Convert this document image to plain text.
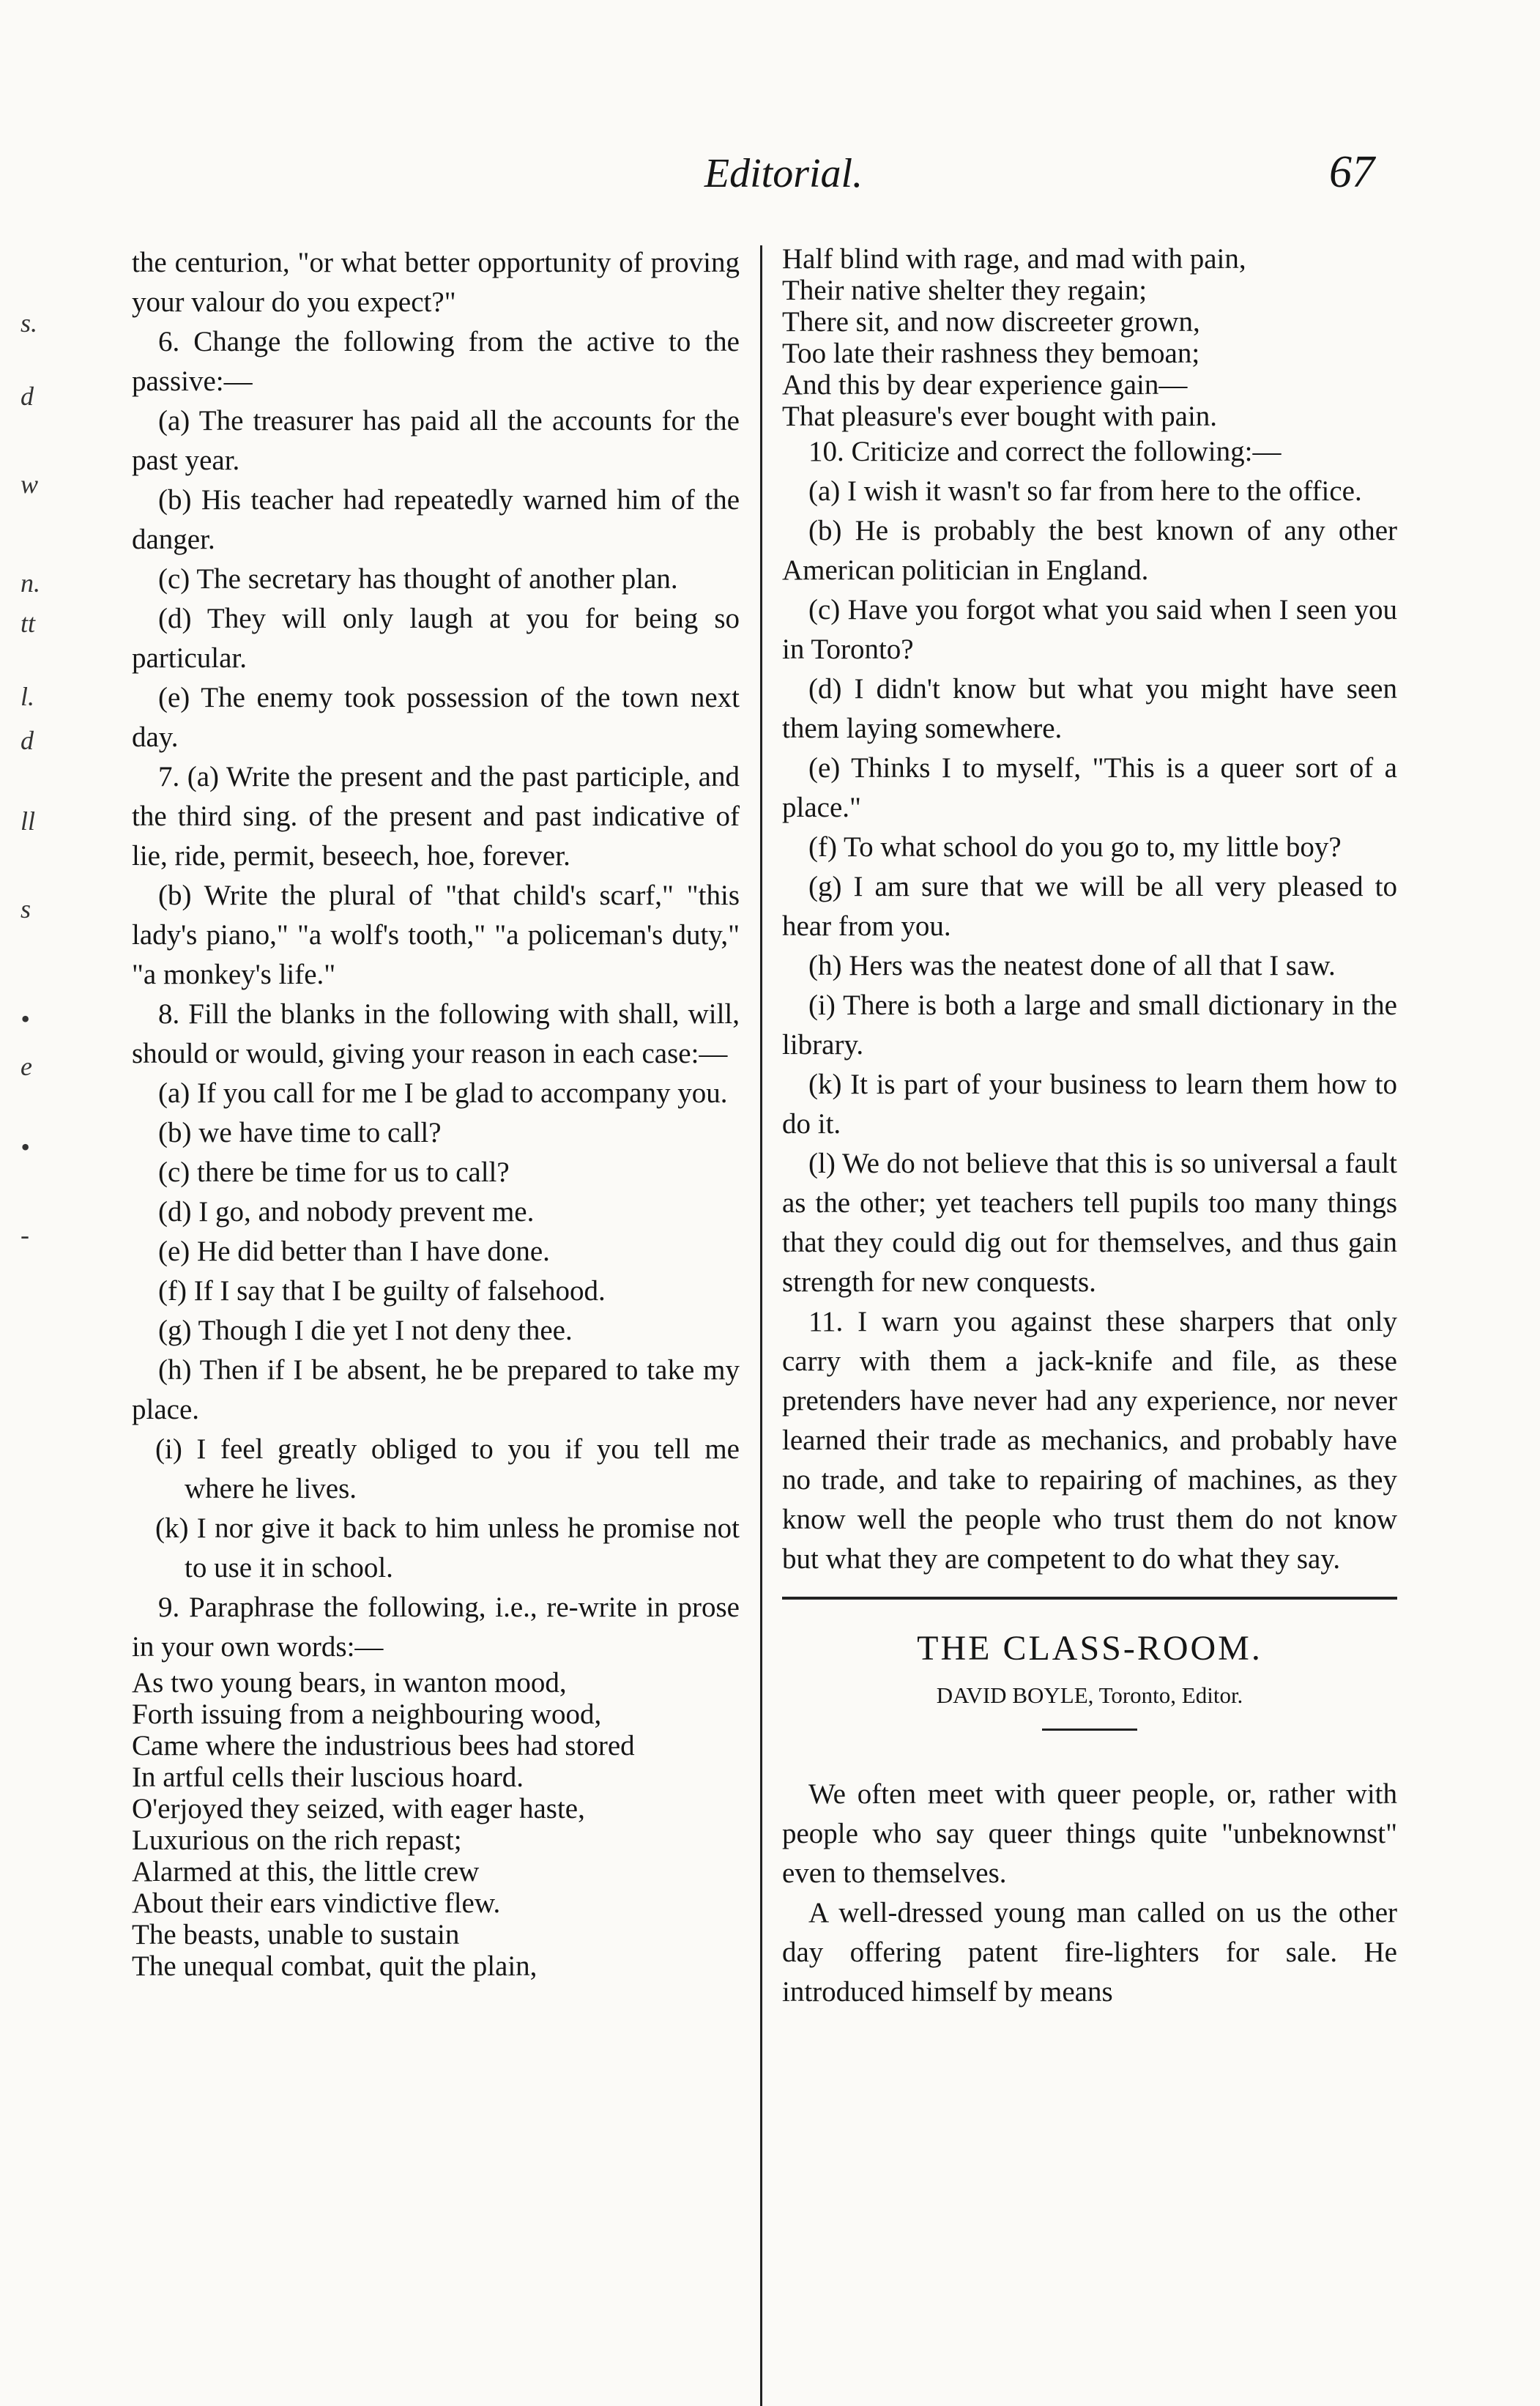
Editorial.	67
s.
d
w
n.
tt
l.
d
ll
s
•
e
•
-

the centurion, "or what better opportunity of proving your valour do you expect?"

6. Change the following from the active to the passive:—

(a) The treasurer has paid all the accounts for the past year.

(b) His teacher had repeatedly warned him of the danger.

(c) The secretary has thought of another plan.

(d) They will only laugh at you for being so particular.

(e) The enemy took possession of the town next day.

7. (a) Write the present and the past participle, and the third sing. of the present and past indicative of lie, ride, permit, beseech, hoe, forever.

(b) Write the plural of "that child's scarf," "this lady's piano," "a wolf's tooth," "a policeman's duty," "a monkey's life."

8. Fill the blanks in the following with shall, will, should or would, giving your reason in each case:—

(a) If you call for me I be glad to accompany you.

(b) we have time to call?

(c) there be time for us to call?

(d) I go, and nobody prevent me.

(e) He did better than I have done.

(f) If I say that I be guilty of falsehood.

(g) Though I die yet I not deny thee.

(h) Then if I be absent, he be prepared to take my place.

(i) I feel greatly obliged to you if you tell me where he lives.

(k) I nor give it back to him unless he promise not to use it in school.

9. Paraphrase the following, i.e., re-write in prose in your own words:—

As two young bears, in wanton mood,
Forth issuing from a neighbouring wood,
Came where the industrious bees had stored
In artful cells their luscious hoard.
O'erjoyed they seized, with eager haste,
Luxurious on the rich repast;
Alarmed at this, the little crew
About their ears vindictive flew.
The beasts, unable to sustain
The unequal combat, quit the plain,
Half blind with rage, and mad with pain,
Their native shelter they regain;
There sit, and now discreeter grown,
Too late their rashness they bemoan;
And this by dear experience gain—
That pleasure's ever bought with pain.

10. Criticize and correct the following:—

(a) I wish it wasn't so far from here to the office.

(b) He is probably the best known of any other American politician in England.

(c) Have you forgot what you said when I seen you in Toronto?

(d) I didn't know but what you might have seen them laying somewhere.

(e) Thinks I to myself, "This is a queer sort of a place."

(f) To what school do you go to, my little boy?

(g) I am sure that we will be all very pleased to hear from you.

(h) Hers was the neatest done of all that I saw.

(i) There is both a large and small dictionary in the library.

(k) It is part of your business to learn them how to do it.

(l) We do not believe that this is so universal a fault as the other; yet teachers tell pupils too many things that they could dig out for themselves, and thus gain strength for new conquests.

11. I warn you against these sharpers that only carry with them a jack-knife and file, as these pretenders have never had any experience, nor never learned their trade as mechanics, and probably have no trade, and take to repairing of machines, as they know well the people who trust them do not know but what they are competent to do what they say.

THE CLASS-ROOM.
DAVID BOYLE, Toronto, Editor.

We often meet with queer people, or, rather with people who say queer things quite "unbeknownst" even to themselves.

A well-dressed young man called on us the other day offering patent fire-lighters for sale. He introduced himself by means
